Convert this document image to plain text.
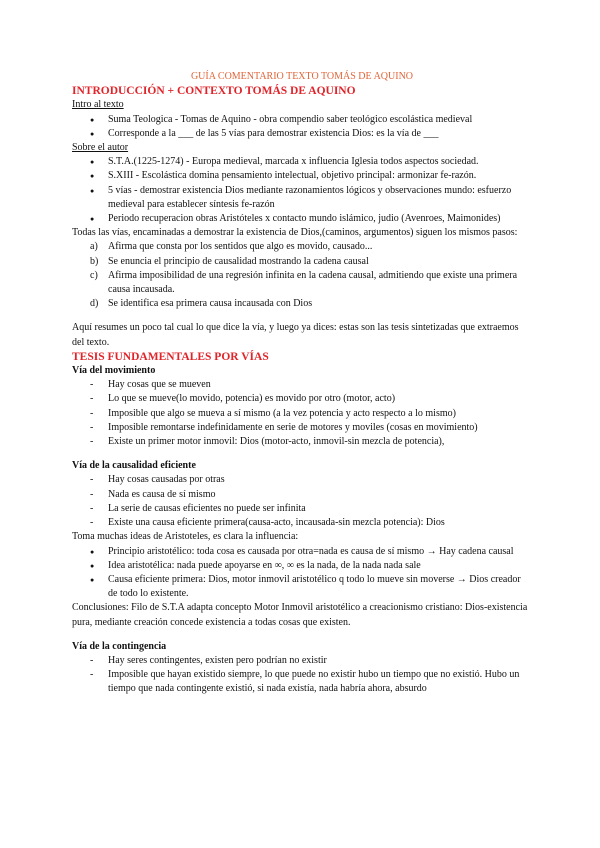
GUÍA COMENTARIO TEXTO TOMÁS DE AQUINO

INTRODUCCIÓN + CONTEXTO TOMÁS DE AQUINO

Intro al texto

● Suma Teologica - Tomas de Aquino - obra compendio saber teológico escolástica medieval
● Corresponde a la ___ de las 5 vías para demostrar existencia Dios: es la vía de ___

Sobre el autor

● S.T.A.(1225-1274) - Europa medieval, marcada x influencia Iglesia todos aspectos sociedad.
● S.XIII - Escolástica domina pensamiento intelectual, objetivo principal: armonizar fe-razón.
● 5 vías - demostrar existencia Dios mediante razonamientos lógicos y observaciones mundo: esfuerzo medieval para establecer síntesis fe-razón
● Periodo recuperacion obras Aristóteles x contacto mundo islámico, judio (Avenroes, Maimonides)

Todas las vías, encaminadas a demostrar la existencia de Dios,(caminos, argumentos) siguen los mismos pasos:

a) Afirma que consta por los sentidos que algo es movido, causado...
b) Se enuncia el principio de causalidad mostrando la cadena causal
c) Afirma imposibilidad de una regresión infinita en la cadena causal, admitiendo que existe una primera causa incausada.
d) Se identifica esa primera causa incausada con Dios

Aquí resumes un poco tal cual lo que dice la vía, y luego ya dices: estas son las tesis sintetizadas que extraemos del texto.

TESIS FUNDAMENTALES POR VÍAS

Vía del movimiento

- Hay cosas que se mueven
- Lo que se mueve(lo movido, potencia) es movido por otro (motor, acto)
- Imposible que algo se mueva a sí mismo (a la vez potencia y acto respecto a lo mismo)
- Imposible remontarse indefinidamente en serie de motores y moviles (cosas en movimiento)
- Existe un primer motor inmovil: Dios (motor-acto, inmovil-sin mezcla de potencia),

Vía de la causalidad eficiente

- Hay cosas causadas por otras
- Nada es causa de sí mismo
- La serie de causas eficientes no puede ser infinita
- Existe una causa eficiente primera(causa-acto, incausada-sin mezcla potencia): Dios

Toma muchas ideas de Aristoteles, es clara la influencia:

● Principio aristotélico: toda cosa es causada por otra=nada es causa de sí mismo → Hay cadena causal
● Idea aristotélica: nada puede apoyarse en ∞, ∞ es la nada, de la nada nada sale
● Causa eficiente primera: Dios, motor inmovil aristotélico q todo lo mueve sin moverse → Dios creador de todo lo existente.

Conclusiones: Filo de S.T.A adapta concepto Motor Inmovil aristotélico a creacionismo cristiano: Dios-existencia pura, mediante creación concede existencia a todas cosas que existen.

Vía de la contingencia

- Hay seres contingentes, existen pero podrían no existir
- Imposible que hayan existido siempre, lo que puede no existir hubo un tiempo que no existió. Hubo un tiempo que nada contingente existió, si nada existía, nada habría ahora, absurdo
